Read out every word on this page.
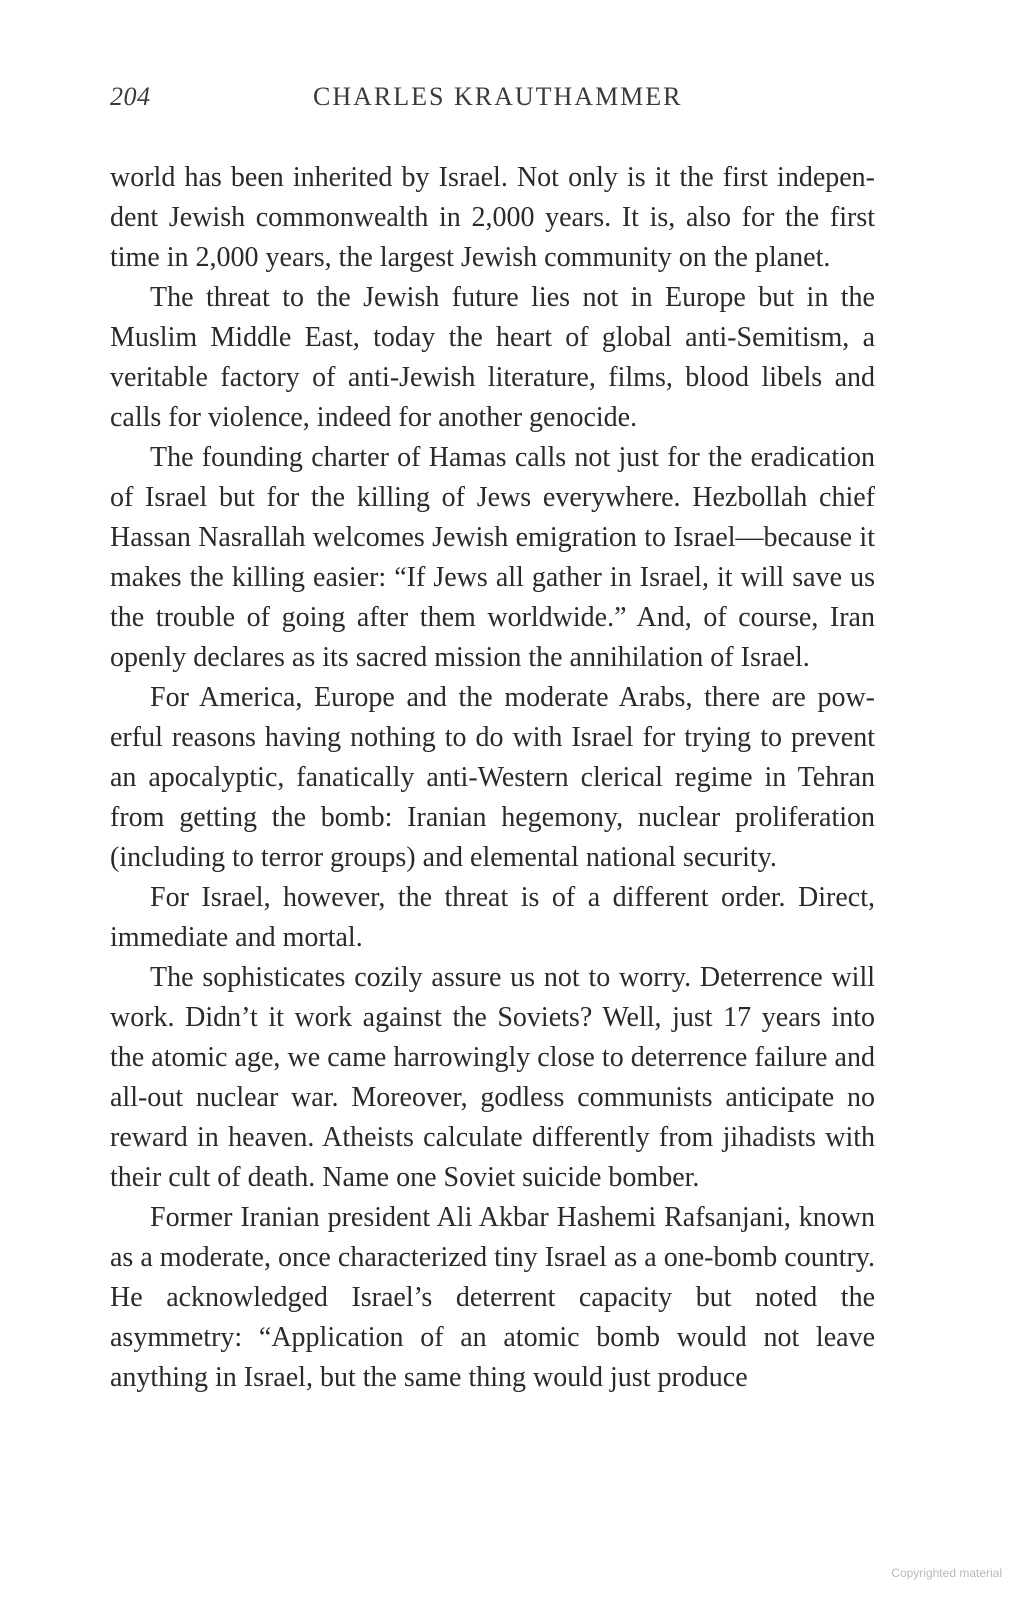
204	CHARLES KRAUTHAMMER

world has been inherited by Israel. Not only is it the first indepen-dent Jewish commonwealth in 2,000 years. It is, also for the first time in 2,000 years, the largest Jewish community on the planet.

The threat to the Jewish future lies not in Europe but in the Muslim Middle East, today the heart of global anti-Semitism, a veritable factory of anti-Jewish literature, films, blood libels and calls for violence, indeed for another genocide.

The founding charter of Hamas calls not just for the eradication of Israel but for the killing of Jews everywhere. Hezbollah chief Hassan Nasrallah welcomes Jewish emigration to Israel—because it makes the killing easier: “If Jews all gather in Israel, it will save us the trouble of going after them worldwide.” And, of course, Iran openly declares as its sacred mission the annihilation of Israel.

For America, Europe and the moderate Arabs, there are pow-erful reasons having nothing to do with Israel for trying to prevent an apocalyptic, fanatically anti-Western clerical regime in Tehran from getting the bomb: Iranian hegemony, nuclear proliferation (including to terror groups) and elemental national security.

For Israel, however, the threat is of a different order. Direct, immediate and mortal.

The sophisticates cozily assure us not to worry. Deterrence will work. Didn’t it work against the Soviets? Well, just 17 years into the atomic age, we came harrowingly close to deterrence failure and all-out nuclear war. Moreover, godless communists anticipate no reward in heaven. Atheists calculate differently from jihadists with their cult of death. Name one Soviet suicide bomber.

Former Iranian president Ali Akbar Hashemi Rafsanjani, known as a moderate, once characterized tiny Israel as a one-bomb country. He acknowledged Israel’s deterrent capacity but noted the asymmetry: “Application of an atomic bomb would not leave anything in Israel, but the same thing would just produce

Copyrighted material
